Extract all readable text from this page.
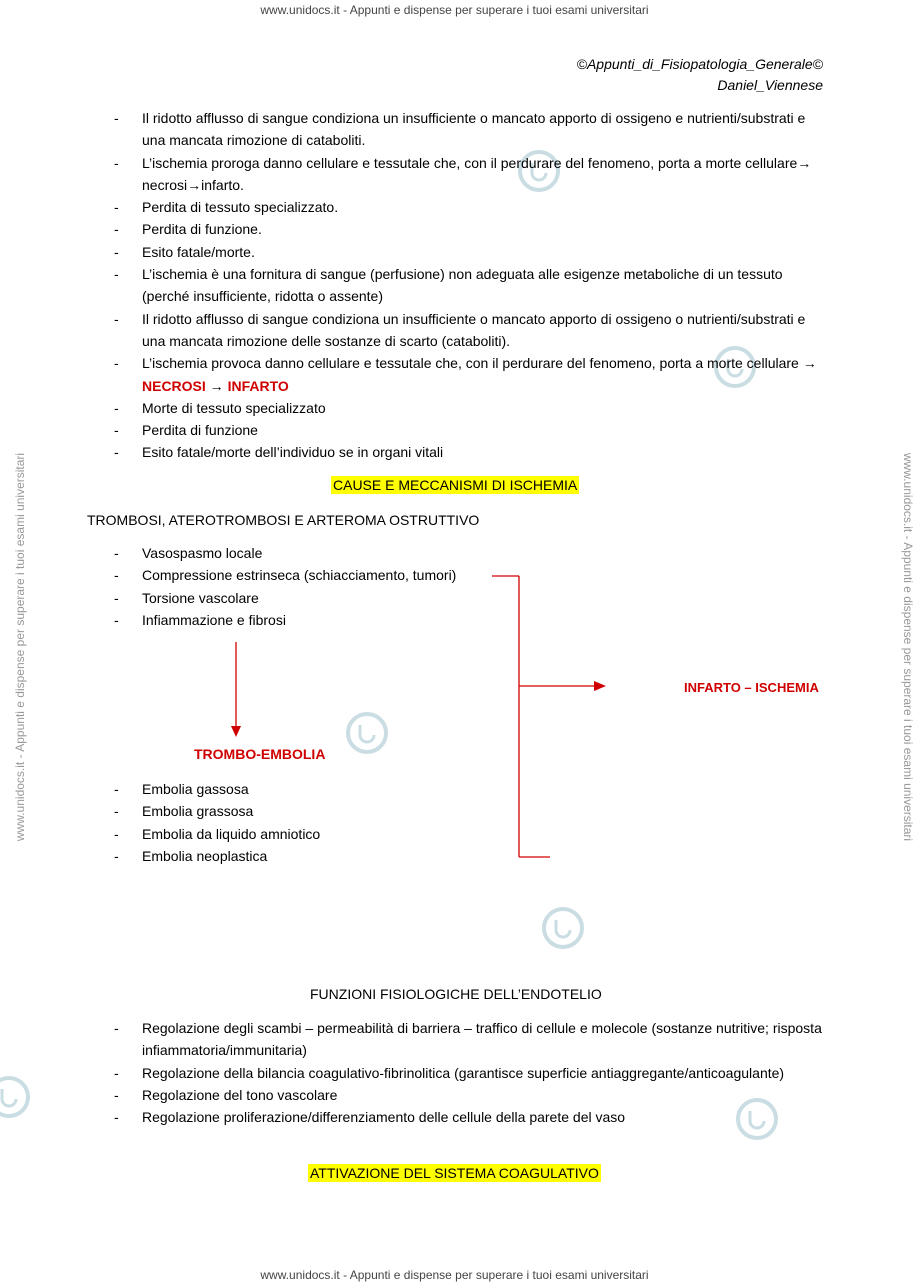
www.unidocs.it - Appunti e dispense per superare i tuoi esami universitari
www.unidocs.it - Appunti e dispense per superare i tuoi esami universitari
www.unidocs.it - Appunti e dispense per superare i tuoi esami universitari	www.unidocs.it - Appunti e dispense per superare i tuoi esami universitari
©Appunti_di_Fisiopatologia_Generale©
Daniel_Viennese
- Il ridotto afflusso di sangue condiziona un insufficiente o mancato apporto di ossigeno e nutrienti/substrati e una mancata rimozione di cataboliti.
- L’ischemia proroga danno cellulare e tessutale che, con il perdurare del fenomeno, porta a morte cellulare→ necrosi→infarto.
- Perdita di tessuto specializzato.
- Perdita di funzione.
- Esito fatale/morte.
- L’ischemia è una fornitura di sangue (perfusione) non adeguata alle esigenze metaboliche di un tessuto (perché insufficiente, ridotta o assente)
- Il ridotto afflusso di sangue condiziona un insufficiente o mancato apporto di ossigeno o nutrienti/substrati e una mancata rimozione delle sostanze di scarto (cataboliti).
- L’ischemia provoca danno cellulare e tessutale che, con il perdurare del fenomeno, porta a morte cellulare → NECROSI → INFARTO
- Morte di tessuto specializzato
- Perdita di funzione
- Esito fatale/morte dell’individuo se in organi vitali
CAUSE E MECCANISMI DI ISCHEMIA
TROMBOSI, ATEROTROMBOSI E ARTEROMA OSTRUTTIVO
- Vasospasmo locale
- Compressione estrinseca (schiacciamento, tumori)
- Torsione vascolare
- Infiammazione e fibrosi
INFARTO – ISCHEMIA
TROMBO-EMBOLIA
- Embolia gassosa
- Embolia grassosa
- Embolia da liquido amniotico
- Embolia neoplastica
FUNZIONI FISIOLOGICHE DELL’ENDOTELIO
- Regolazione degli scambi – permeabilità di barriera – traffico di cellule e molecole (sostanze nutritive; risposta infiammatoria/immunitaria)
- Regolazione della bilancia coagulativo-fibrinolitica (garantisce superficie antiaggregante/anticoagulante)
- Regolazione del tono vascolare
- Regolazione proliferazione/differenziamento delle cellule della parete del vaso
ATTIVAZIONE DEL SISTEMA COAGULATIVO
